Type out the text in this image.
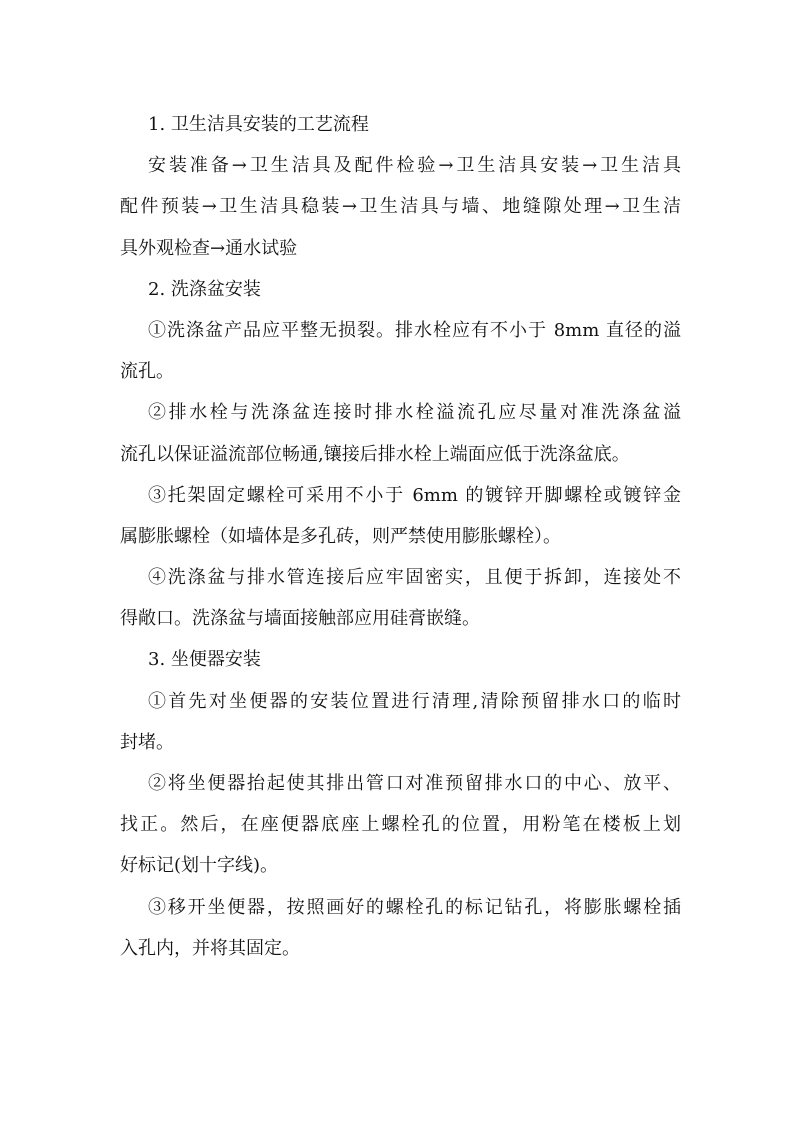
1. 卫生洁具安装的工艺流程
安装准备→卫生洁具及配件检验→卫生洁具安装→卫生洁具
配件预装→卫生洁具稳装→卫生洁具与墙、地缝隙处理→卫生洁
具外观检查→通水试验
2. 洗涤盆安装
①洗涤盆产品应平整无损裂。排水栓应有不小于 8mm 直径的溢
流孔。
②排水栓与洗涤盆连接时排水栓溢流孔应尽量对准洗涤盆溢
流孔以保证溢流部位畅通,镶接后排水栓上端面应低于洗涤盆底。
③托架固定螺栓可采用不小于 6mm 的镀锌开脚螺栓或镀锌金
属膨胀螺栓（如墙体是多孔砖，则严禁使用膨胀螺栓）。
④洗涤盆与排水管连接后应牢固密实，且便于拆卸，连接处不
得敞口。洗涤盆与墙面接触部应用硅膏嵌缝。
3. 坐便器安装
①首先对坐便器的安装位置进行清理,清除预留排水口的临时
封堵。
②将坐便器抬起使其排出管口对准预留排水口的中心、放平、
找正。然后，在座便器底座上螺栓孔的位置，用粉笔在楼板上划
好标记(划十字线)。
③移开坐便器，按照画好的螺栓孔的标记钻孔，将膨胀螺栓插
入孔内，并将其固定。
